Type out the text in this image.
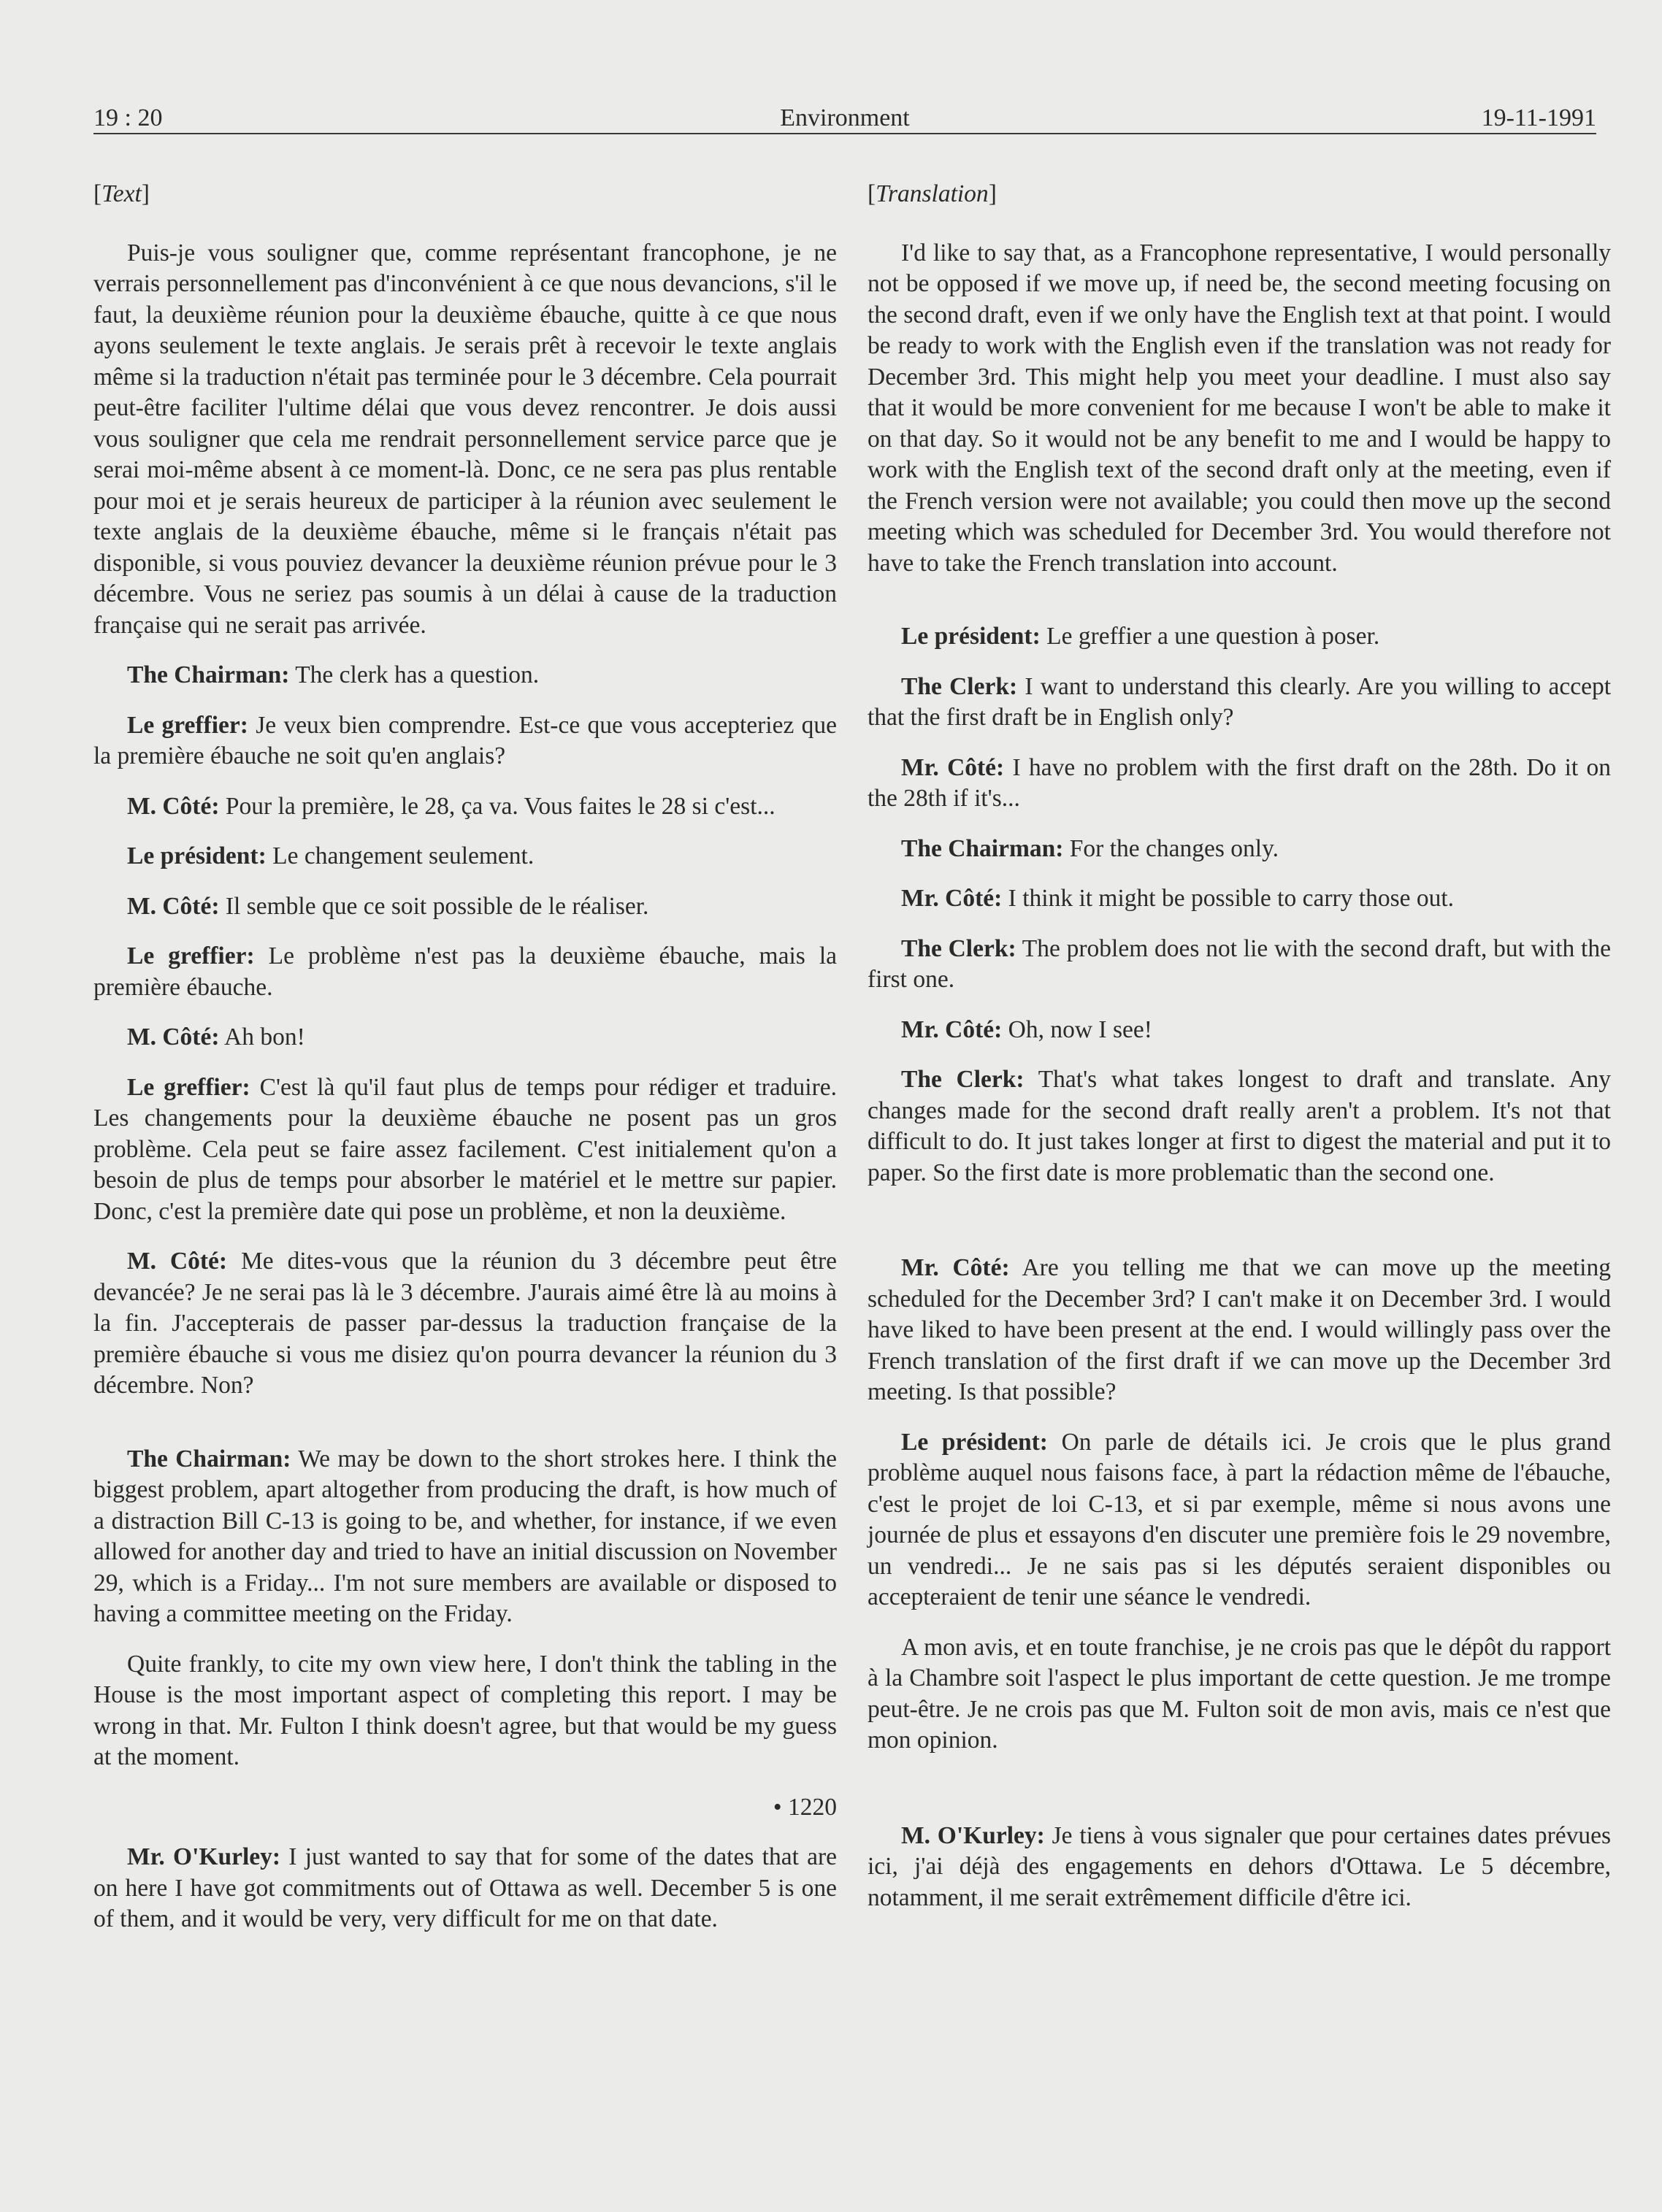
19 : 20	Environment	19-11-1991

[Text]

Puis-je vous souligner que, comme représentant francophone, je ne verrais personnellement pas d'inconvénient à ce que nous devancions, s'il le faut, la deuxième réunion pour la deuxième ébauche, quitte à ce que nous ayons seulement le texte anglais. Je serais prêt à recevoir le texte anglais même si la traduction n'était pas terminée pour le 3 décembre. Cela pourrait peut-être faciliter l'ultime délai que vous devez rencontrer. Je dois aussi vous souligner que cela me rendrait personnellement service parce que je serai moi-même absent à ce moment-là. Donc, ce ne sera pas plus rentable pour moi et je serais heureux de participer à la réunion avec seulement le texte anglais de la deuxième ébauche, même si le français n'était pas disponible, si vous pouviez devancer la deuxième réunion prévue pour le 3 décembre. Vous ne seriez pas soumis à un délai à cause de la traduction française qui ne serait pas arrivée.

The Chairman: The clerk has a question.

Le greffier: Je veux bien comprendre. Est-ce que vous accepteriez que la première ébauche ne soit qu'en anglais?

M. Côté: Pour la première, le 28, ça va. Vous faites le 28 si c'est...

Le président: Le changement seulement.

M. Côté: Il semble que ce soit possible de le réaliser.

Le greffier: Le problème n'est pas la deuxième ébauche, mais la première ébauche.

M. Côté: Ah bon!

Le greffier: C'est là qu'il faut plus de temps pour rédiger et traduire. Les changements pour la deuxième ébauche ne posent pas un gros problème. Cela peut se faire assez facilement. C'est initialement qu'on a besoin de plus de temps pour absorber le matériel et le mettre sur papier. Donc, c'est la première date qui pose un problème, et non la deuxième.

M. Côté: Me dites-vous que la réunion du 3 décembre peut être devancée? Je ne serai pas là le 3 décembre. J'aurais aimé être là au moins à la fin. J'accepterais de passer par-dessus la traduction française de la première ébauche si vous me disiez qu'on pourra devancer la réunion du 3 décembre. Non?

The Chairman: We may be down to the short strokes here. I think the biggest problem, apart altogether from producing the draft, is how much of a distraction Bill C-13 is going to be, and whether, for instance, if we even allowed for another day and tried to have an initial discussion on November 29, which is a Friday... I'm not sure members are available or disposed to having a committee meeting on the Friday.

Quite frankly, to cite my own view here, I don't think the tabling in the House is the most important aspect of completing this report. I may be wrong in that. Mr. Fulton I think doesn't agree, but that would be my guess at the moment.

• 1220

Mr. O'Kurley: I just wanted to say that for some of the dates that are on here I have got commitments out of Ottawa as well. December 5 is one of them, and it would be very, very difficult for me on that date.

[Translation]

I'd like to say that, as a Francophone representative, I would personally not be opposed if we move up, if need be, the second meeting focusing on the second draft, even if we only have the English text at that point. I would be ready to work with the English even if the translation was not ready for December 3rd. This might help you meet your deadline. I must also say that it would be more convenient for me because I won't be able to make it on that day. So it would not be any benefit to me and I would be happy to work with the English text of the second draft only at the meeting, even if the French version were not available; you could then move up the second meeting which was scheduled for December 3rd. You would therefore not have to take the French translation into account.

Le président: Le greffier a une question à poser.

The Clerk: I want to understand this clearly. Are you willing to accept that the first draft be in English only?

Mr. Côté: I have no problem with the first draft on the 28th. Do it on the 28th if it's...

The Chairman: For the changes only.

Mr. Côté: I think it might be possible to carry those out.

The Clerk: The problem does not lie with the second draft, but with the first one.

Mr. Côté: Oh, now I see!

The Clerk: That's what takes longest to draft and translate. Any changes made for the second draft really aren't a problem. It's not that difficult to do. It just takes longer at first to digest the material and put it to paper. So the first date is more problematic than the second one.

Mr. Côté: Are you telling me that we can move up the meeting scheduled for the December 3rd? I can't make it on December 3rd. I would have liked to have been present at the end. I would willingly pass over the French translation of the first draft if we can move up the December 3rd meeting. Is that possible?

Le président: On parle de détails ici. Je crois que le plus grand problème auquel nous faisons face, à part la rédaction même de l'ébauche, c'est le projet de loi C-13, et si par exemple, même si nous avons une journée de plus et essayons d'en discuter une première fois le 29 novembre, un vendredi... Je ne sais pas si les députés seraient disponibles ou accepteraient de tenir une séance le vendredi.

A mon avis, et en toute franchise, je ne crois pas que le dépôt du rapport à la Chambre soit l'aspect le plus important de cette question. Je me trompe peut-être. Je ne crois pas que M. Fulton soit de mon avis, mais ce n'est que mon opinion.

M. O'Kurley: Je tiens à vous signaler que pour certaines dates prévues ici, j'ai déjà des engagements en dehors d'Ottawa. Le 5 décembre, notamment, il me serait extrêmement difficile d'être ici.
